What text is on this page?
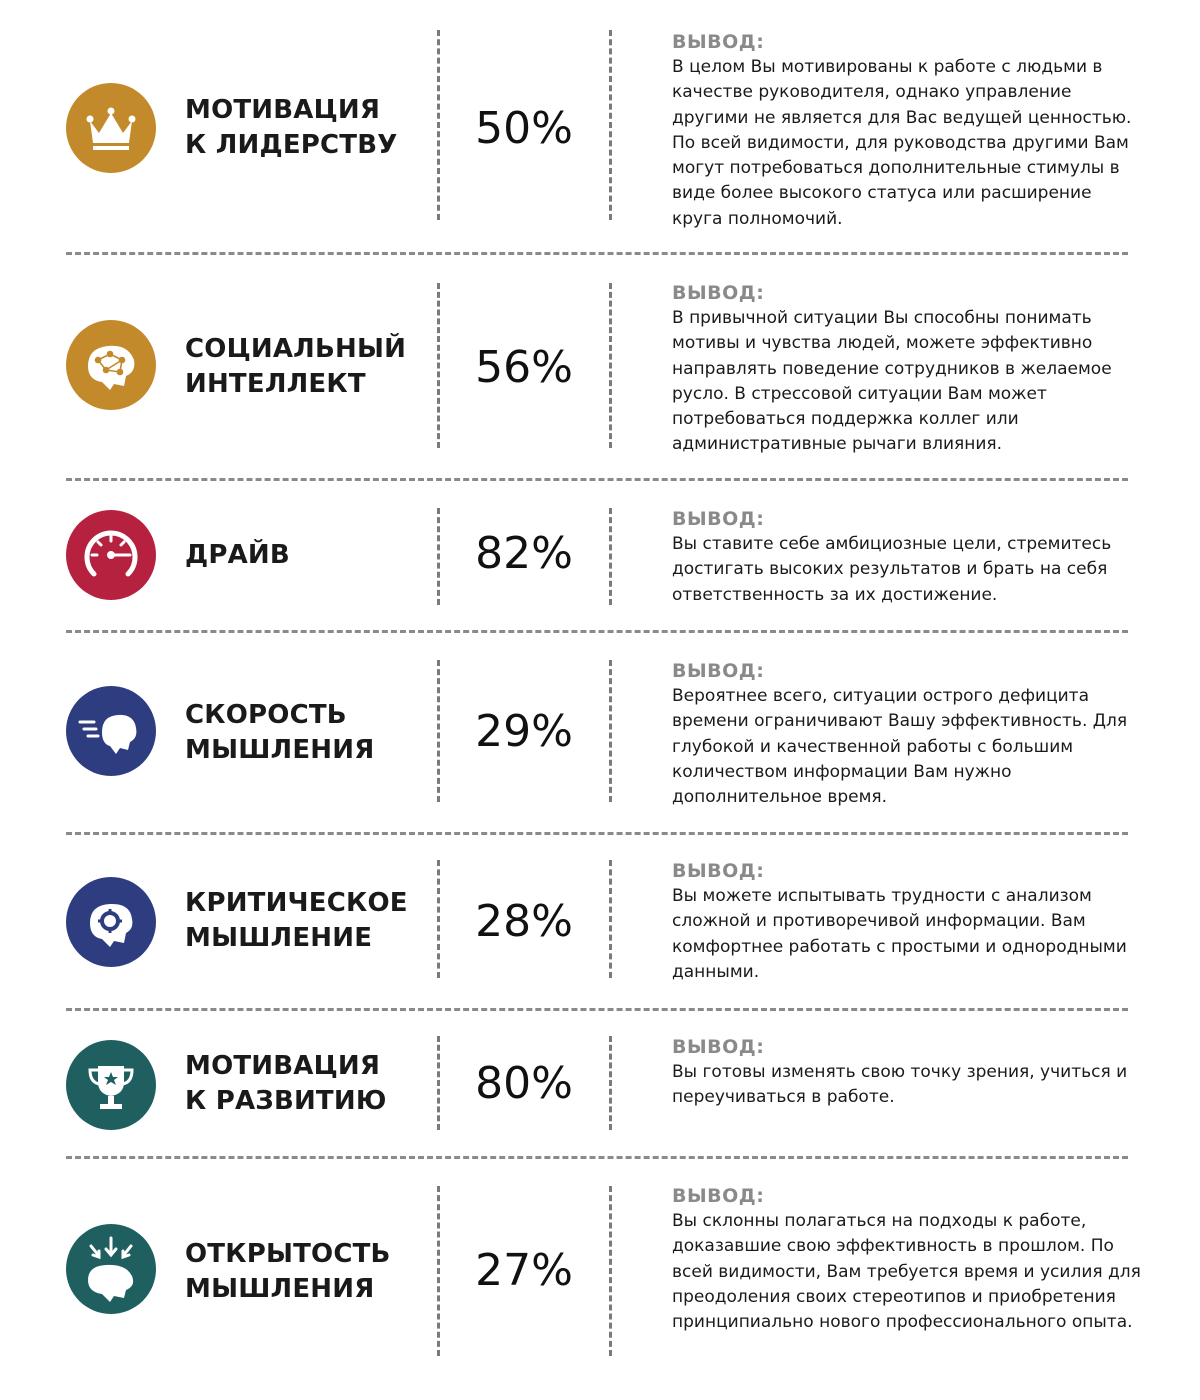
МОТИВАЦИЯ
К ЛИДЕРСТВУ	50%
ВЫВОД:
В целом Вы мотивированы к работе с людьми в качестве руководителя, однако управление другими не является для Вас ведущей ценностью. По всей видимости, для руководства другими Вам могут потребоваться дополнительные стимулы в виде более высокого статуса или расширение круга полномочий.
СОЦИАЛЬНЫЙ
ИНТЕЛЛЕКТ	56%
ВЫВОД:
В привычной ситуации Вы способны понимать мотивы и чувства людей, можете эффективно направлять поведение сотрудников в желаемое русло. В стрессовой ситуации Вам может потребоваться поддержка коллег или административные рычаги влияния.
ДРАЙВ	82%
ВЫВОД:
Вы ставите себе амбициозные цели, стремитесь достигать высоких результатов и брать на себя ответственность за их достижение.
СКОРОСТЬ
МЫШЛЕНИЯ	29%
ВЫВОД:
Вероятнее всего, ситуации острого дефицита времени ограничивают Вашу эффективность. Для глубокой и качественной работы с большим количеством информации Вам нужно дополнительное время.
КРИТИЧЕСКОЕ
МЫШЛЕНИЕ	28%
ВЫВОД:
Вы можете испытывать трудности с анализом сложной и противоречивой информации. Вам комфортнее работать с простыми и однородными данными.
МОТИВАЦИЯ
К РАЗВИТИЮ	80%
ВЫВОД:
Вы готовы изменять свою точку зрения, учиться и переучиваться в работе.
ОТКРЫТОСТЬ
МЫШЛЕНИЯ	27%
ВЫВОД:
Вы склонны полагаться на подходы к работе, доказавшие свою эффективность в прошлом. По всей видимости, Вам требуется время и усилия для преодоления своих стереотипов и приобретения принципиально нового профессионального опыта.
